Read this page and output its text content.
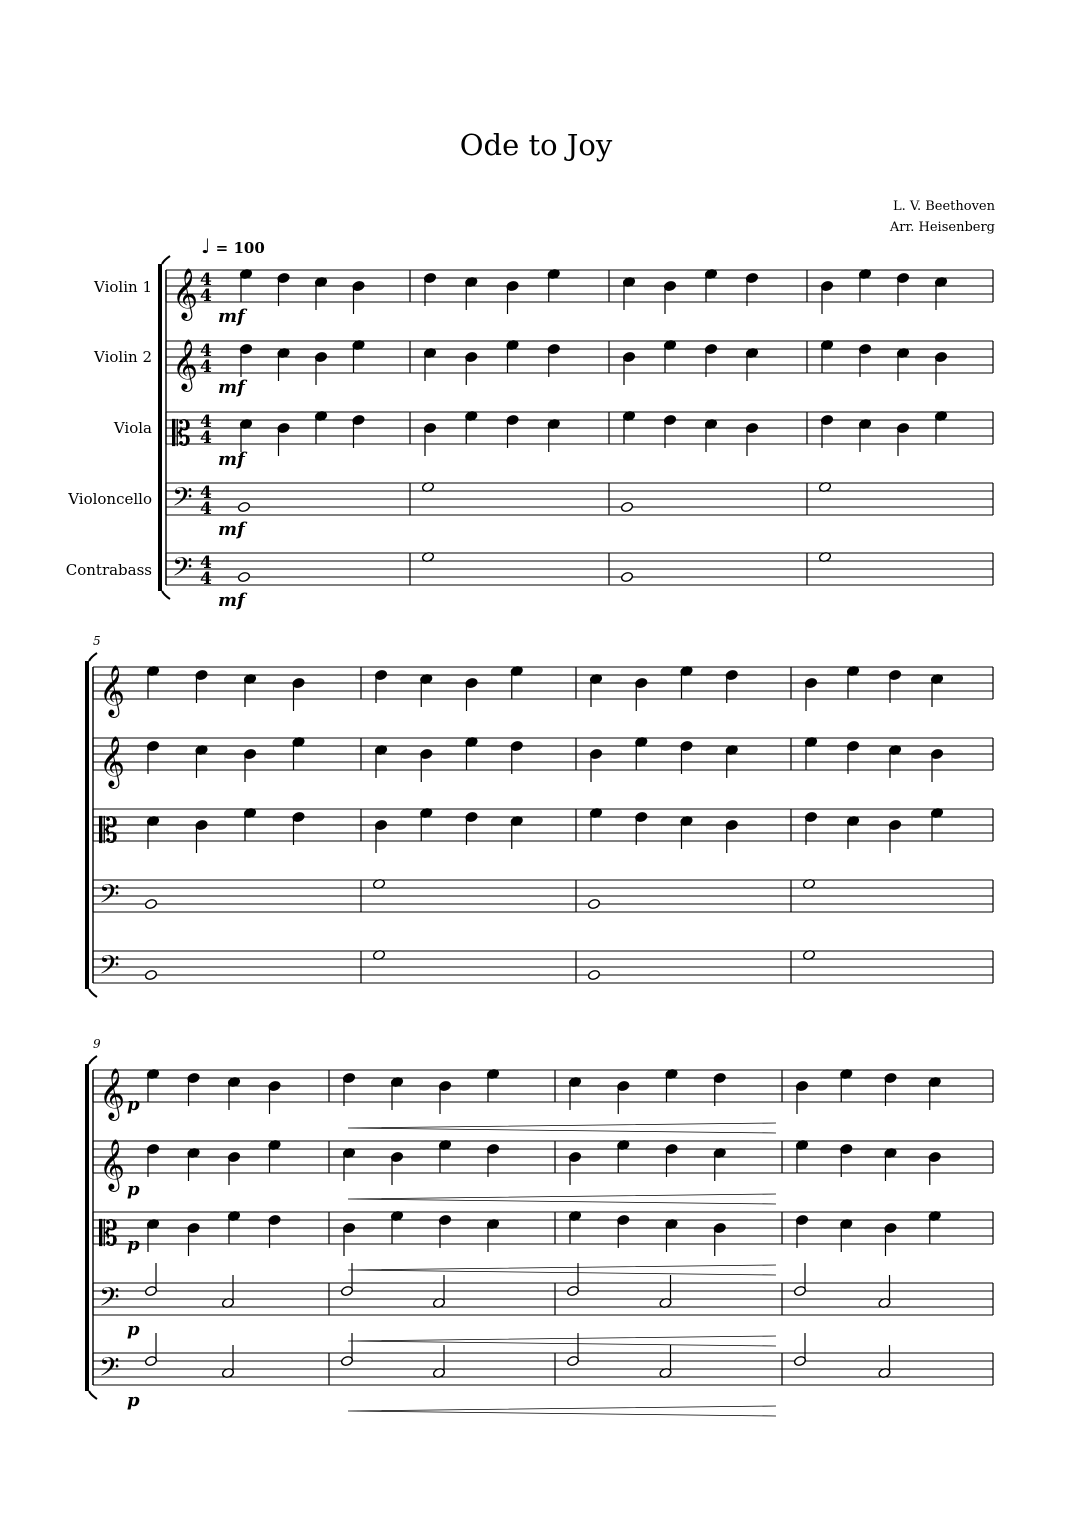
Ode to Joy
L. V. Beethoven
Arr. Heisenberg
♩ = 100
Violin 1
Violin 2
Viola
Violoncello
Contrabass
𝄞 4
4
𝄞 4
4
𝄡 4
4
𝄢 4
4
𝄢 4
4
mf
mf
mf
mf
mf
𝄞
𝄞
𝄡
𝄢
𝄢
5
𝄞
𝄞
𝄡
𝄢
𝄢
9
p
p
p
p
p
